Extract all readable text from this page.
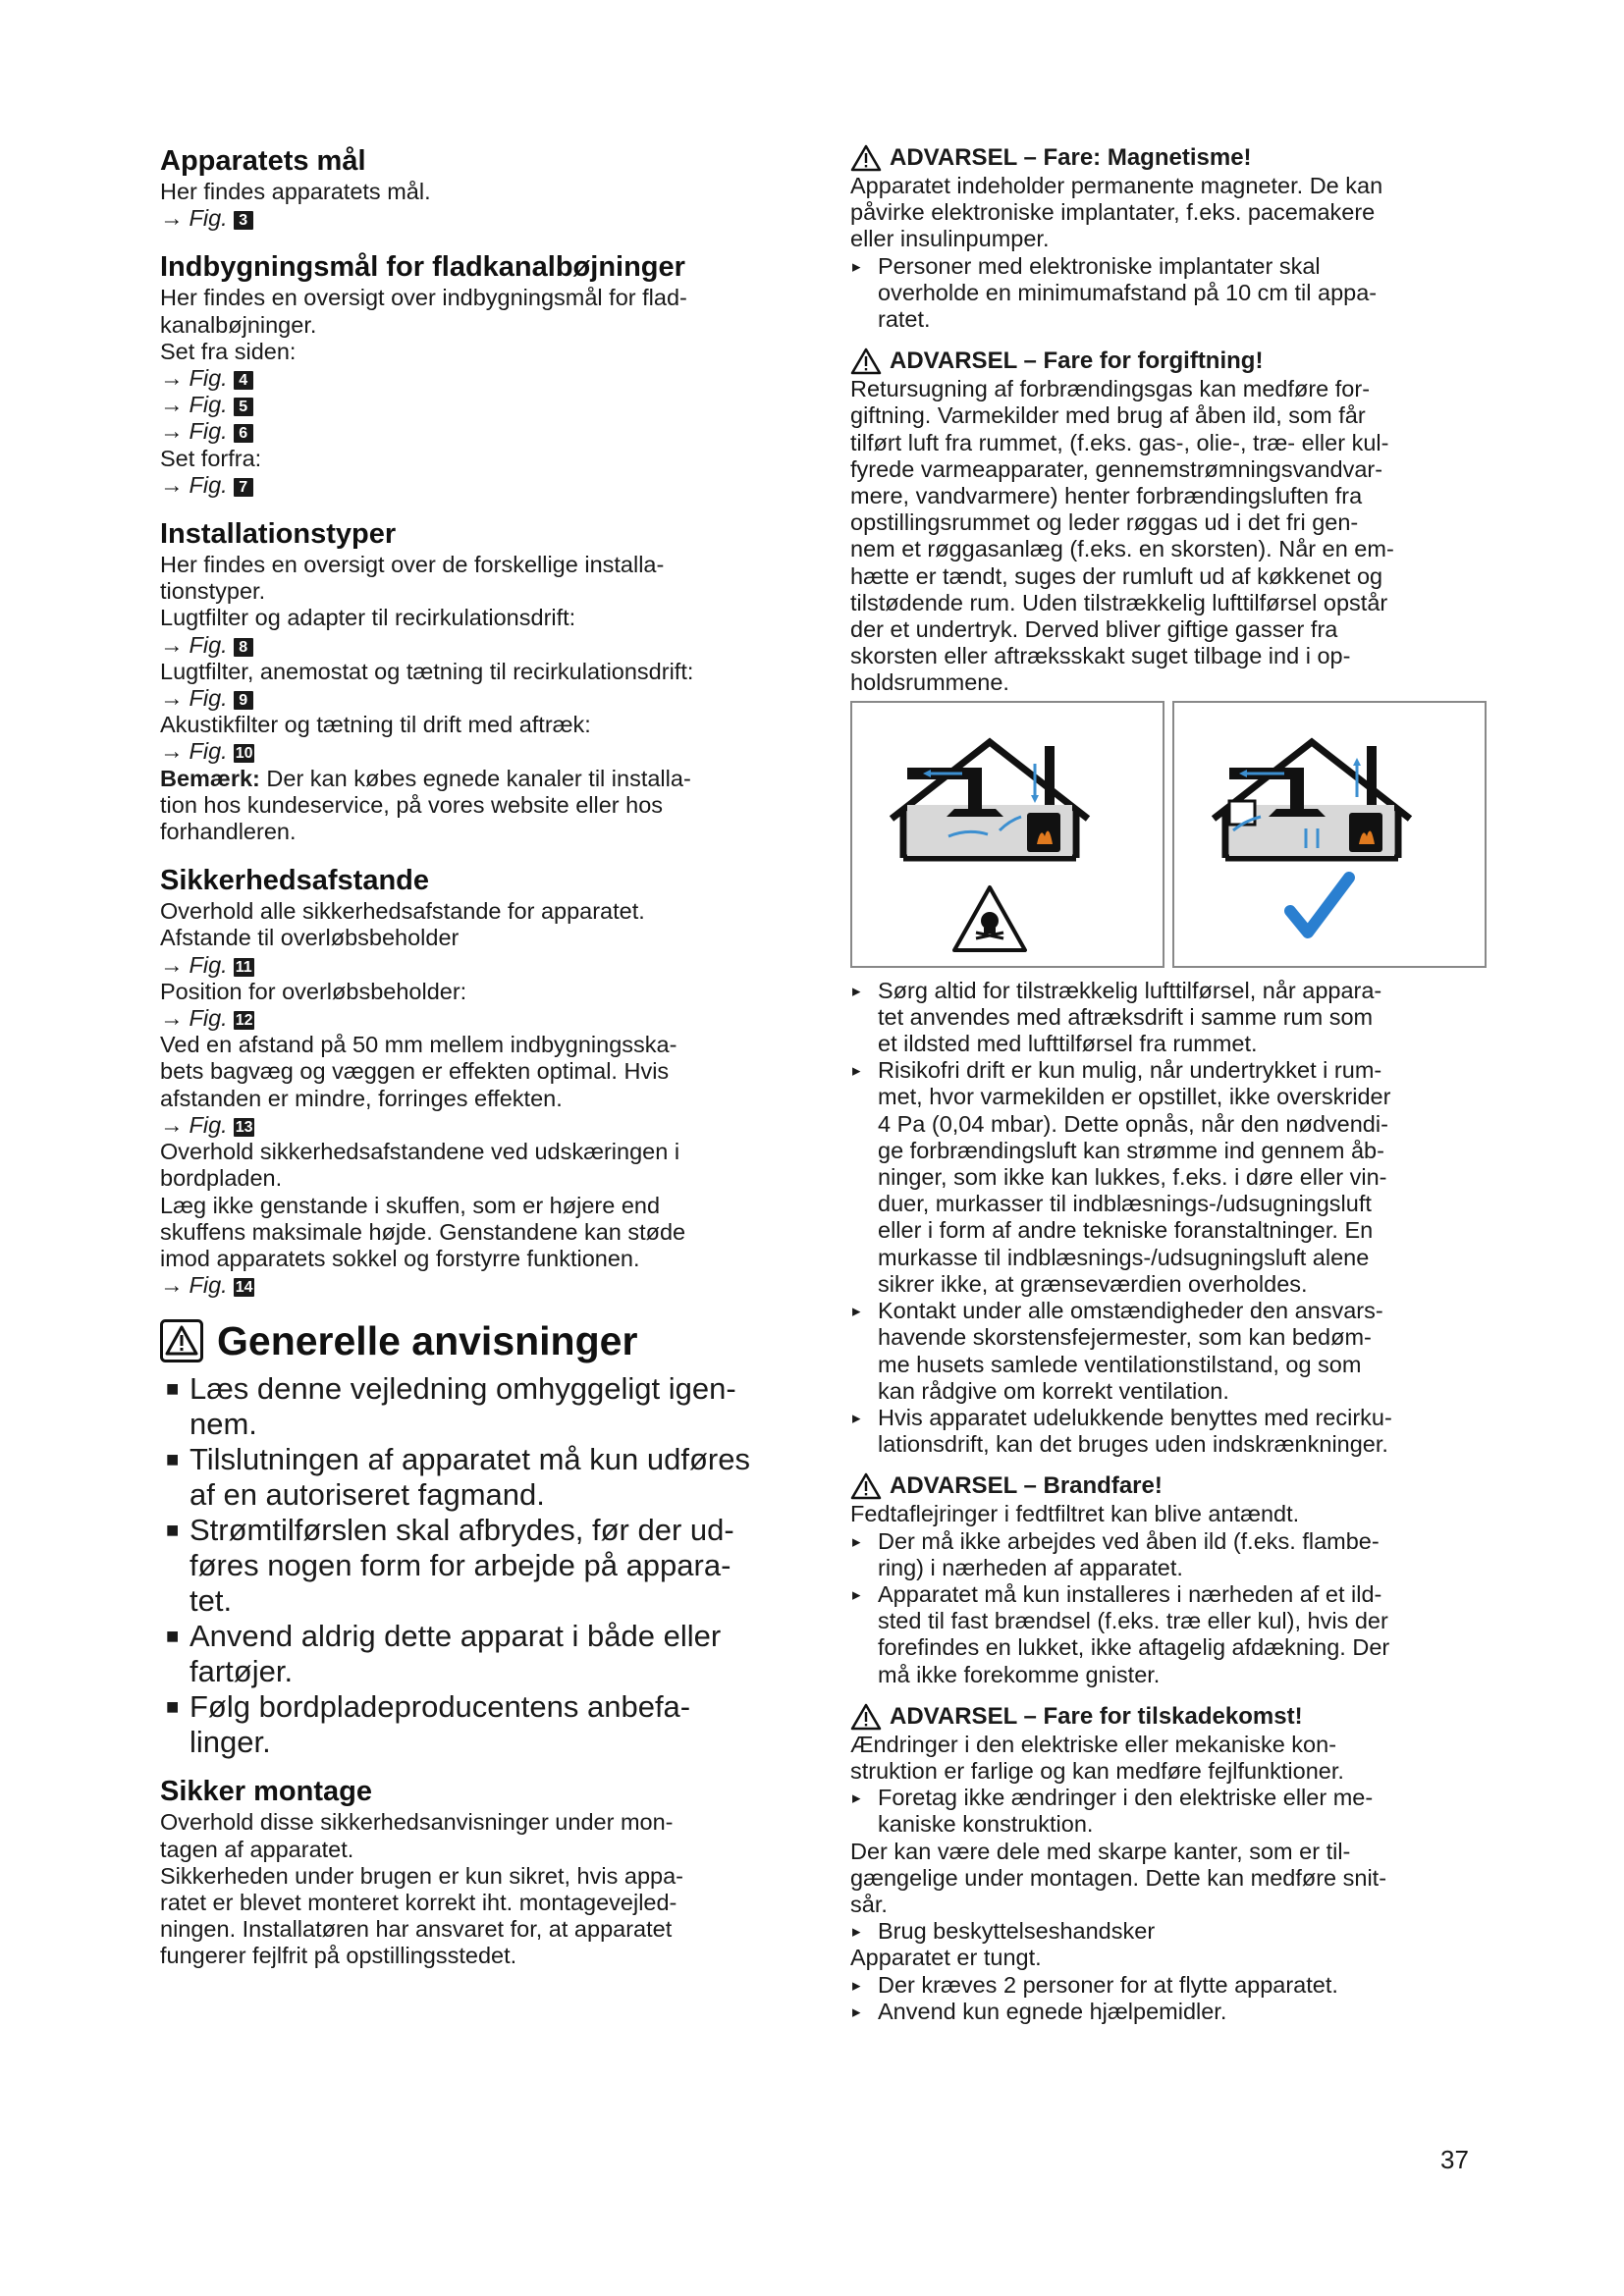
Apparatets mål

Her findes apparatets mål.

→ Fig. 3

Indbygningsmål for fladkanalbøjninger

Her findes en oversigt over indbygningsmål for flad-

kanalbøjninger.

Set fra siden:

→ Fig. 4

→ Fig. 5

→ Fig. 6

Set forfra:

→ Fig. 7

Installationstyper

Her findes en oversigt over de forskellige installa-

tionstyper.

Lugtfilter og adapter til recirkulationsdrift:

→ Fig. 8

Lugtfilter, anemostat og tætning til recirkulationsdrift:

→ Fig. 9

Akustikfilter og tætning til drift med aftræk:

→ Fig. 10

Bemærk: Der kan købes egnede kanaler til installa-

tion hos kundeservice, på vores website eller hos

forhandleren.

Sikkerhedsafstande

Overhold alle sikkerhedsafstande for apparatet.

Afstande til overløbsbeholder

→ Fig. 11

Position for overløbsbeholder:

→ Fig. 12

Ved en afstand på 50 mm mellem indbygningsska-

bets bagvæg og væggen er effekten optimal. Hvis

afstanden er mindre, forringes effekten.

→ Fig. 13

Overhold sikkerhedsafstandene ved udskæringen i

bordpladen.

Læg ikke genstande i skuffen, som er højere end

skuffens maksimale højde. Genstandene kan støde

imod apparatets sokkel og forstyrre funktionen.

→ Fig. 14

Generelle anvisninger
■ Læs denne vejledning omhyggeligt igen-
nem.
■ Tilslutningen af apparatet må kun udføres
af en autoriseret fagmand.
■ Strømtilførslen skal afbrydes, før der ud-
føres nogen form for arbejde på appara-
tet.
■ Anvend aldrig dette apparat i både eller
fartøjer.
■ Følg bordpladeproducentens anbefa-
linger.
Sikker montage

Overhold disse sikkerhedsanvisninger under mon-

tagen af apparatet.

Sikkerheden under brugen er kun sikret, hvis appa-

ratet er blevet monteret korrekt iht. montagevejled-

ningen. Installatøren har ansvaret for, at apparatet

fungerer fejlfrit på opstillingsstedet.

ADVARSEL – Fare: Magnetisme!

Apparatet indeholder permanente magneter. De kan

påvirke elektroniske implantater, f.eks. pacemakere

eller insulinpumper.

▸ Personer med elektroniske implantater skal
overholde en minimumafstand på 10 cm til appa-
ratet.
ADVARSEL – Fare for forgiftning!

Retursugning af forbrændingsgas kan medføre for-

giftning. Varmekilder med brug af åben ild, som får

tilført luft fra rummet, (f.eks. gas-, olie-, træ- eller kul-

fyrede varmeapparater, gennemstrømningsvandvar-

mere, vandvarmere) henter forbrændingsluften fra

opstillingsrummet og leder røggas ud i det fri gen-

nem et røggasanlæg (f.eks. en skorsten). Når en em-

hætte er tændt, suges der rumluft ud af køkkenet og

tilstødende rum. Uden tilstrækkelig lufttilførsel opstår

der et undertryk. Derved bliver giftige gasser fra

skorsten eller aftræksskakt suget tilbage ind i op-

holdsrummene.

▸ Sørg altid for tilstrækkelig lufttilførsel, når appara-
tet anvendes med aftræksdrift i samme rum som
et ildsted med lufttilførsel fra rummet.
▸ Risikofri drift er kun mulig, når undertrykket i rum-
met, hvor varmekilden er opstillet, ikke overskrider
4 Pa (0,04 mbar). Dette opnås, når den nødvendi-
ge forbrændingsluft kan strømme ind gennem åb-
ninger, som ikke kan lukkes, f.eks. i døre eller vin-
duer, murkasser til indblæsnings-/udsugningsluft
eller i form af andre tekniske foranstaltninger. En
murkasse til indblæsnings-/udsugningsluft alene
sikrer ikke, at grænseværdien overholdes.
▸ Kontakt under alle omstændigheder den ansvars-
havende skorstensfejermester, som kan bedøm-
me husets samlede ventilationstilstand, og som
kan rådgive om korrekt ventilation.
▸ Hvis apparatet udelukkende benyttes med recirku-
lationsdrift, kan det bruges uden indskrænkninger.
ADVARSEL – Brandfare!

Fedtaflejringer i fedtfiltret kan blive antændt.

▸ Der må ikke arbejdes ved åben ild (f.eks. flambe-
ring) i nærheden af apparatet.
▸ Apparatet må kun installeres i nærheden af et ild-
sted til fast brændsel (f.eks. træ eller kul), hvis der
forefindes en lukket, ikke aftagelig afdækning. Der
må ikke forekomme gnister.
ADVARSEL – Fare for tilskadekomst!

Ændringer i den elektriske eller mekaniske kon-

struktion er farlige og kan medføre fejlfunktioner.

▸ Foretag ikke ændringer i den elektriske eller me-
kaniske konstruktion.

Der kan være dele med skarpe kanter, som er til-

gængelige under montagen. Dette kan medføre snit-

sår.

▸ Brug beskyttelseshandsker

Apparatet er tungt.

▸ Der kræves 2 personer for at flytte apparatet.
▸ Anvend kun egnede hjælpemidler.
37
